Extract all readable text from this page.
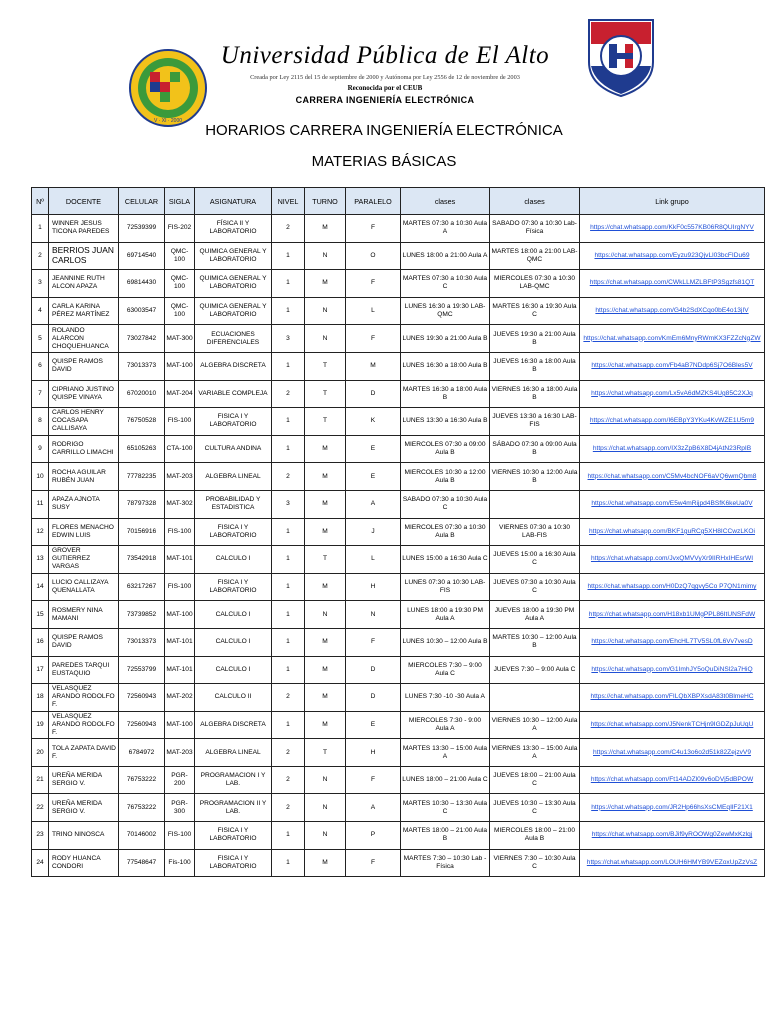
V · XI · 2000
Universidad Pública de El Alto
Creada por Ley 2115 del 15 de septiembre de 2000 y Autónoma por Ley 2556 de 12 de noviembre de 2003
Reconocida por el CEUB
CARRERA INGENIERÍA ELECTRÓNICA
HORARIOS CARRERA INGENIERÍA ELECTRÓNICA
MATERIAS BÁSICAS
Nº	DOCENTE	CELULAR	SIGLA	ASIGNATURA	NIVEL	TURNO	PARALELO	clases	clases	Link grupo
1	WINNER JESUS TICONA PAREDES	72539399	FIS-202	FÍSICA II Y LABORATORIO	2	M	F	MARTES 07:30 a 10:30 Aula A	SABADO 07:30 a 10:30 Lab-Física	https://chat.whatsapp.com/KkF0c557KB06R8QUIrgNYV
2	BERRIOS JUAN CARLOS	69714540	QMC-100	QUIMICA GENERAL Y LABORATORIO	1	N	O	LUNES 18:00 a 21:00 Aula A	MARTES 18:00 a 21:00 LAB-QMC	https://chat.whatsapp.com/Eyzu923QjvLl03bcFIDu69
3	JEANNINE RUTH ALCON APAZA	69814430	QMC-100	QUIMICA GENERAL Y LABORATORIO	1	M	F	MARTES 07:30 a 10:30 Aula C	MIERCOLES 07:30 a 10:30 LAB-QMC	https://chat.whatsapp.com/CWkLLMZLBFtP3Sgzfs81QT
4	CARLA KARINA PÉREZ MARTÍNEZ	63003547	QMC-100	QUIMICA GENERAL Y LABORATORIO	1	N	L	LUNES 16:30 a 19:30 LAB-QMC	MARTES 16:30 a 19:30 Aula C	https://chat.whatsapp.com/G4b2SdXCqo0bE4o13jIV
5	ROLANDO ALARCON CHOQUEHUANCA	73027842	MAT-300	ECUACIONES DIFERENCIALES	3	N	F	LUNES 19:30 a 21:00 Aula B	JUEVES 19:30 a 21:00 Aula B	https://chat.whatsapp.com/KmEm6MnyRWmKX3FZZcNgZW
6	QUISPE RAMOS DAVID	73013373	MAT-100	ALGEBRA DISCRETA	1	T	M	LUNES 16:30 a 18:00 Aula B	JUEVES 16:30 a 18:00 Aula B	https://chat.whatsapp.com/Fb4aB7NDdp6Sj7O6Bles5V
7	CIPRIANO JUSTINO QUISPE VINAYA	67020010	MAT-204	VARIABLE COMPLEJA	2	T	D	MARTES 16:30 a 18:00 Aula B	VIERNES 16:30 a 18:00 Aula B	https://chat.whatsapp.com/Lx5vA6dMZKS4Ug85C2XJq
8	CARLOS HENRY COCASAPA CALLISAYA	76750528	FIS-100	FISICA I Y LABORATORIO	1	T	K	LUNES 13:30 a 16:30 Aula B	JUEVES 13:30 a 16:30 LAB-FIS	https://chat.whatsapp.com/I6EBpY3YKu4KvWZE1U5m9
9	RODRIGO CARRILLO LIMACHI	65105263	CTA-100	CULTURA ANDINA	1	M	E	MIERCOLES 07:30 a 09:00 Aula B	SÁBADO 07:30 a 09:00 Aula B	https://chat.whatsapp.com/IX3zZpB6X8D4jAtN23RpIB
10	ROCHA AGUILAR RUBÉN JUAN	77782235	MAT-203	ALGEBRA LINEAL	2	M	E	MIERCOLES 10:30 a 12:00 Aula B	VIERNES 10:30 a 12:00 Aula B	https://chat.whatsapp.com/C5Mv4bcNOF6aVQ6wmQbm8
11	APAZA AJNOTA SUSY	78797328	MAT-302	PROBABILIDAD Y ESTADISTICA	3	M	A	SABADO 07:30 a 10:30 Aula C		https://chat.whatsapp.com/E5w4mRijpd4BSfK6keUa0V
12	FLORES MENACHO EDWIN LUIS	70156916	FIS-100	FISICA I Y LABORATORIO	1	M	J	MIERCOLES 07:30 a 10:30 Aula B	VIERNES 07:30 a 10:30 LAB-FIS	https://chat.whatsapp.com/BKF1guRCg5XH8ICCwzLKOi
13	GROVER GUTIERREZ VARGAS	73542918	MAT-101	CALCULO I	1	T	L	LUNES 15:00 a 16:30 Aula C	JUEVES 15:00 a 16:30 Aula C	https://chat.whatsapp.com/JvxQMVVyXr9IIRHxIHEsrWI
14	LUCIO CALLIZAYA QUENALLATA	63217267	FIS-100	FISICA I Y LABORATORIO	1	M	H	LUNES 07:30 a 10:30 LAB-FIS	JUEVES 07:30 a 10:30 Aula C	https://chat.whatsapp.com/H0DzQ7qgvy5Co P7QN1mimy
15	ROSMERY NINA MAMANI	73739852	MAT-100	CALCULO I	1	N	N	LUNES 18:00 a 19:30 PM Aula A	JUEVES 18:00 a 19:30 PM Aula A	https://chat.whatsapp.com/H18xb1UMgPPL86ItUNSFdW
16	QUISPE RAMOS DAVID	73013373	MAT-101	CALCULO I	1	M	F	LUNES 10:30 – 12:00 Aula B	MARTES 10:30 – 12:00 Aula B	https://chat.whatsapp.com/EhcHL7TV5SL0fL6Vv7vesD
17	PAREDES TARQUI EUSTAQUIO	72553799	MAT-101	CALCULO I	1	M	D	MIERCOLES 7:30 – 9:00 Aula C	JUEVES 7:30 – 9:00 Aula C	https://chat.whatsapp.com/G1ImhJY5oQuDiNSl2a7HiQ
18	VELASQUEZ ARANDO RODOLFO F.	72560943	MAT-202	CALCULO II	2	M	D	LUNES 7:30 -10 -30 Aula A		https://chat.whatsapp.com/FILQbXBPXsdA83t0BlmeHC
19	VELASQUEZ ARANDO RODOLFO F.	72560943	MAT-100	ALGEBRA DISCRETA	1	M	E	MIERCOLES 7:30 - 9:00 Aula A	VIERNES 10:30 – 12:00 Aula A	https://chat.whatsapp.com/J5NenkTCHjn9IGDZpJuUqU
20	TOLA ZAPATA DAVID F.	6784972	MAT-203	ALGEBRA LINEAL	2	T	H	MARTES 13:30 – 15:00 Aula A	VIERNES 13:30 – 15:00 Aula A	https://chat.whatsapp.com/C4u13o6o2d51k82ZejzvV9
21	UREÑA MERIDA SERGIO V.	76753222	PGR-200	PROGRAMACION I Y LAB.	2	N	F	LUNES 18:00 – 21:00 Aula C	JUEVES 18:00 – 21:00 Aula C	https://chat.whatsapp.com/Ft14ADZl09v6oDVj5dBPOW
22	UREÑA MERIDA SERGIO V.	76753222	PGR-300	PROGRAMACION II Y LAB.	2	N	A	MARTES 10:30 – 13:30 Aula C	JUEVES 10:30 – 13:30 Aula C	https://chat.whatsapp.com/JR2Hp66hsXsCMEqIlF21X1
23	TRINO NINOSCA	70146002	FIS-100	FISICA I Y LABORATORIO	1	N	P	MARTES 18:00 – 21:00 Aula B	MIERCOLES 18:00 – 21:00 Aula B	https://chat.whatsapp.com/BJif9yROOWg0ZewMxKzlqj
24	RODY HUANCA CONDORI	77548647	Fís-100	FISICA I Y LABORATORIO	1	M	F	MARTES 7:30 – 10:30 Lab - Física	VIERNES 7:30 – 10:30 Aula C	https://chat.whatsapp.com/LOUH6HMYB9VEZoxUpZzVsZ
